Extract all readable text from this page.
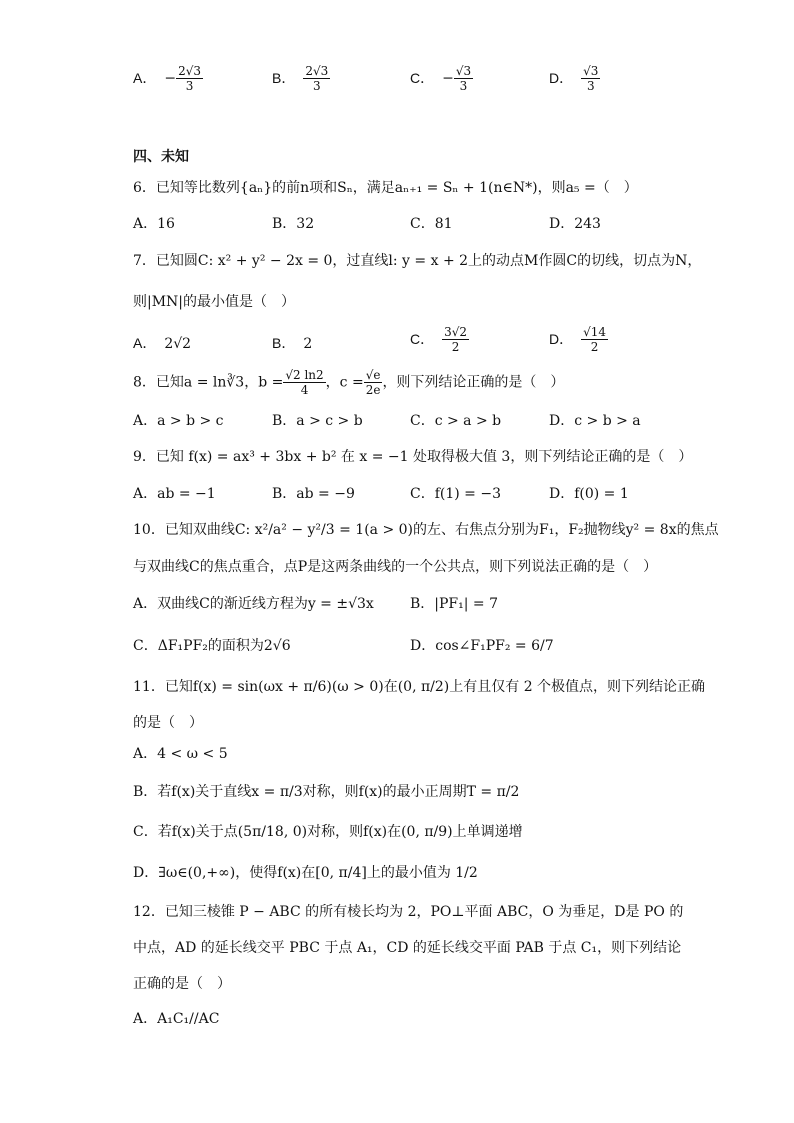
A． − $\frac{2√3}{3}$	B． $\frac{2√3}{3}$	C． − $\frac{√3}{3}$	D． $\frac{√3}{3}$
四、未知
6．已知等比数列{aₙ}的前n项和Sₙ，满足aₙ₊₁ = Sₙ + 1(n∈N*)，则a₅ =（　）
A．16	B．32	C．81	D．243
7．已知圆C: x² + y² − 2x = 0，过直线l: y = x + 2上的动点M作圆C的切线，切点为N，
则|MN|的最小值是（　）
A． 2√2	B． 2	C． $\frac{3√2}{2}$	D． $\frac{√14}{2}$
8．已知a = ln∛3，$b = \frac{√2 \ln 2}{4}$ ，$c = \frac{√e}{2e}$ ，则下列结论正确的是（　）
A．a > b > c	B．a > c > b	C．c > a > b	D．c > b > a
9．已知 f(x) = ax³ + 3bx + b² 在 x = −1 处取得极大值 3，则下列结论正确的是（　）
A．ab = −1	B．ab = −9	C．f(1) = −3	D．f(0) = 1
10．已知双曲线C: x²/a² − y²/3 = 1(a > 0)的左、右焦点分别为F₁，F₂抛物线y² = 8x的焦点
与双曲线C的焦点重合，点P是这两条曲线的一个公共点，则下列说法正确的是（　）
A．双曲线C的渐近线方程为y = ±√3x	B．|PF₁| = 7
C．ΔF₁PF₂的面积为2√6	D．cos∠F₁PF₂ = 6/7
11．已知f(x) = sin(ωx + π/6)(ω > 0)在(0, π/2)上有且仅有 2 个极值点，则下列结论正确
的是（　）
A．4 < ω < 5
B．若f(x)关于直线x = π/3对称，则f(x)的最小正周期T = π/2
C．若f(x)关于点(5π/18, 0)对称，则f(x)在(0, π/9)上单调递增
D．∃ω∈(0,+∞)，使得f(x)在[0, π/4]上的最小值为 1/2
12．已知三棱锥 P − ABC 的所有棱长均为 2，PO⊥平面 ABC，O 为垂足，D是 PO 的
中点，AD 的延长线交平 PBC 于点 A₁，CD 的延长线交平面 PAB 于点 C₁，则下列结论
正确的是（　）
A．A₁C₁//AC
